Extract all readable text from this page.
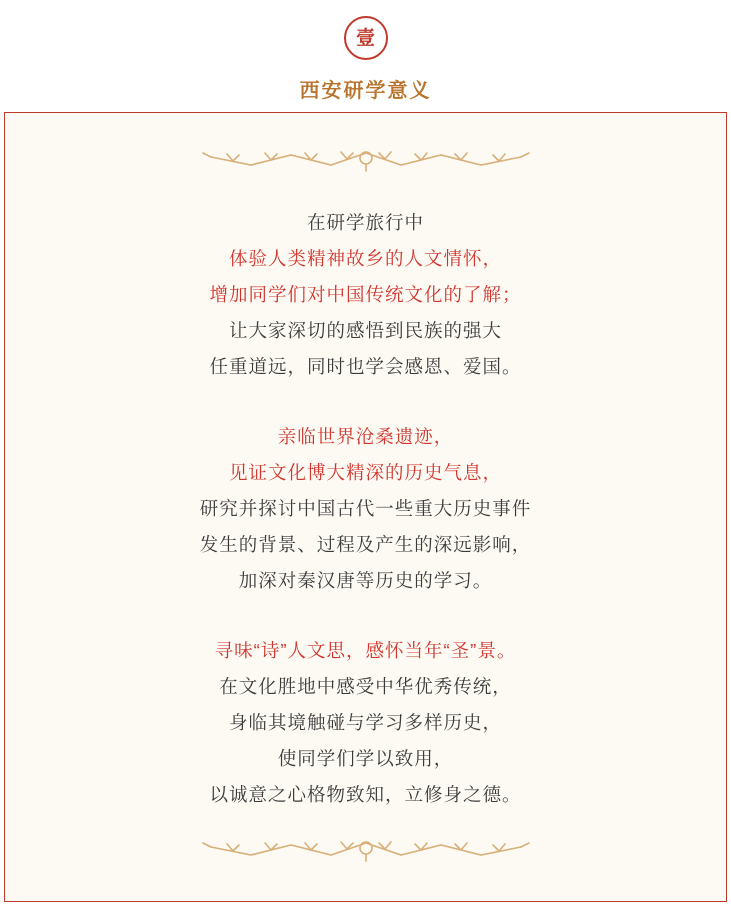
壹
西安研学意义
在研学旅行中
体验人类精神故乡的人文情怀，
增加同学们对中国传统文化的了解；
让大家深切的感悟到民族的强大
任重道远，同时也学会感恩、爱国。
亲临世界沧桑遗迹，
见证文化博大精深的历史气息，
研究并探讨中国古代一些重大历史事件
发生的背景、过程及产生的深远影响，
加深对秦汉唐等历史的学习。
寻味“诗”人文思，感怀当年“圣”景。
在文化胜地中感受中华优秀传统，
身临其境触碰与学习多样历史，
使同学们学以致用，
以诚意之心格物致知，立修身之德。
